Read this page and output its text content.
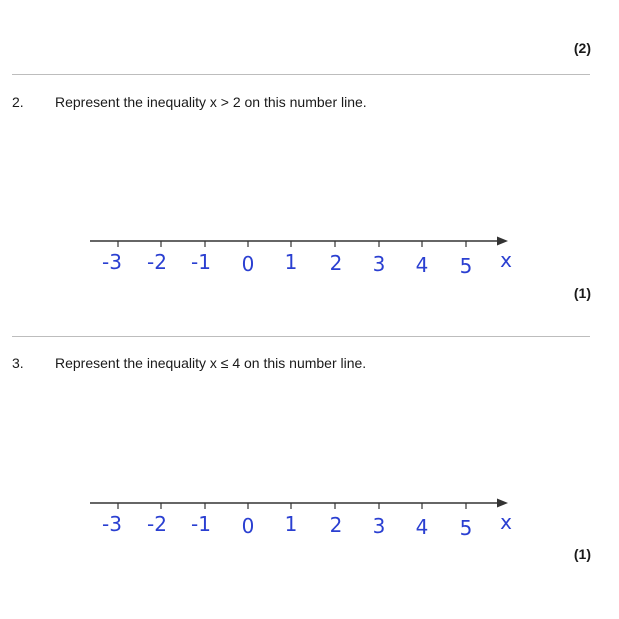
(2)
2. Represent the inequality x > 2 on this number line.
-3 -2 -1 0 1 2 3 4 5 x
(1)
3. Represent the inequality x ≤ 4 on this number line.
-3 -2 -1 0 1 2 3 4 5 x
(1)
